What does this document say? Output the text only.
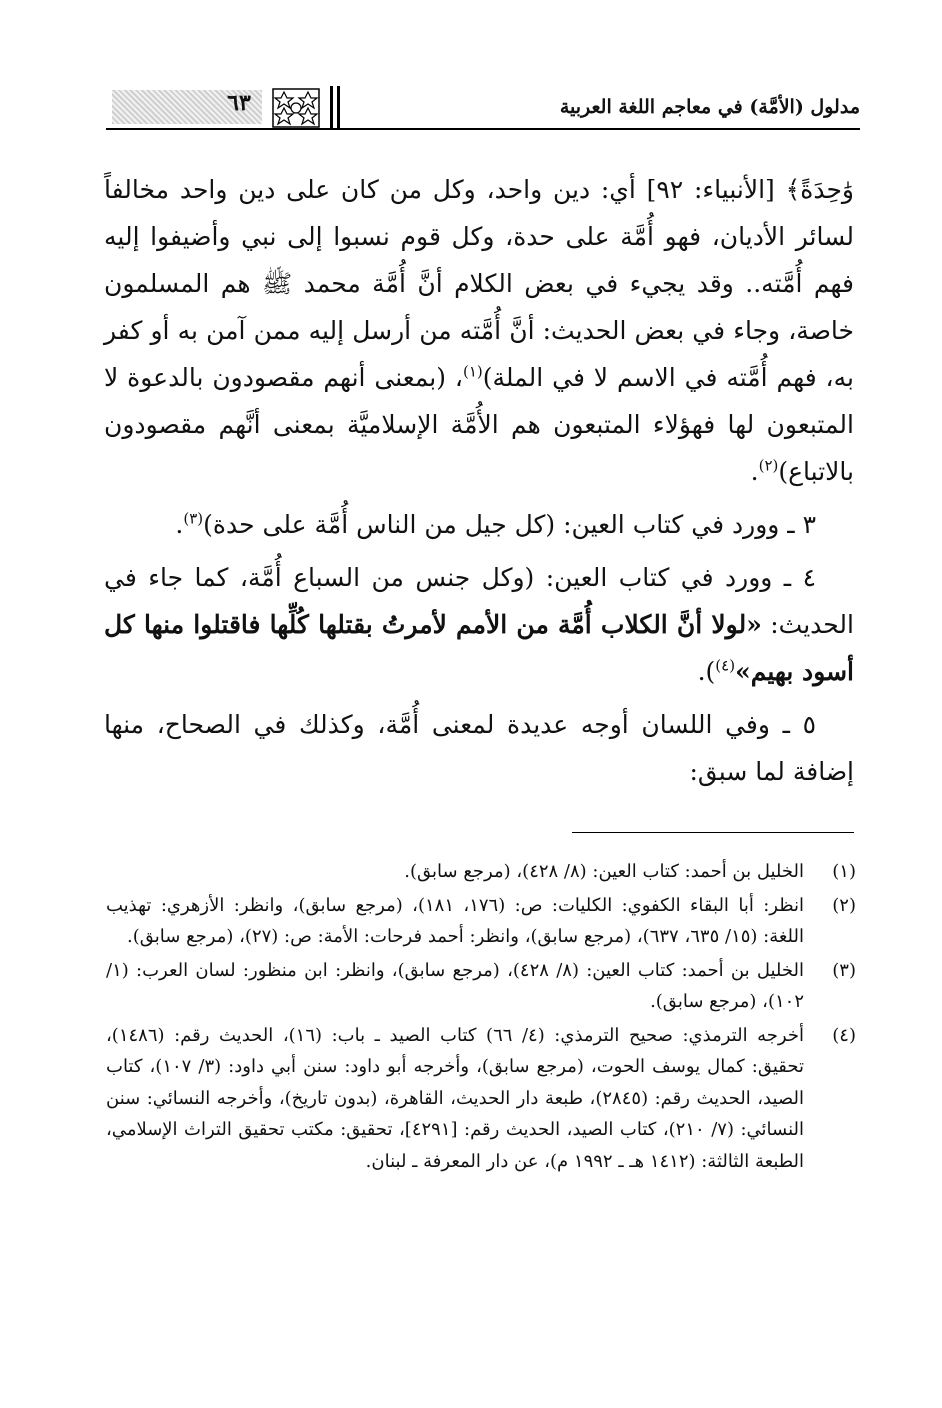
مدلول (الأمَّة) في معاجم اللغة العربية
٦٣

وَٰحِدَةً﴾ [الأنبياء: ٩٢] أي: دين واحد، وكل من كان على دين واحد مخالفاً لسائر الأديان، فهو أُمَّة على حدة، وكل قوم نسبوا إلى نبي وأضيفوا إليه فهم أُمَّته.. وقد يجيء في بعض الكلام أنَّ أُمَّة محمد ﷺ هم المسلمون خاصة، وجاء في بعض الحديث: أنَّ أُمَّته من أرسل إليه ممن آمن به أو كفر به، فهم أُمَّته في الاسم لا في الملة)$^{(١)}$، (بمعنى أنهم مقصودون بالدعوة لا المتبعون لها فهؤلاء المتبعون هم الأُمَّة الإسلاميَّة بمعنى أنَّهم مقصودون بالاتباع)$^{(٢)}$.

٣ ـ وورد في كتاب العين: (كل جيل من الناس أُمَّة على حدة)$^{(٣)}$.

٤ ـ وورد في كتاب العين: (وكل جنس من السباع أُمَّة، كما جاء في الحديث: «لولا أنَّ الكلاب أُمَّة من الأمم لأمرتُ بقتلها كُلِّها فاقتلوا منها كل أسود بهيم»$^{(٤)}$).

٥ ـ وفي اللسان أوجه عديدة لمعنى أُمَّة، وكذلك في الصحاح، منها إضافة لما سبق:

(١)
الخليل بن أحمد: كتاب العين: (٨/ ٤٢٨)، (مرجع سابق).
(٢)
انظر: أبا البقاء الكفوي: الكليات: ص: (١٧٦، ١٨١)، (مرجع سابق)، وانظر: الأزهري: تهذيب اللغة: (١٥/ ٦٣٥، ٦٣٧)، (مرجع سابق)، وانظر: أحمد فرحات: الأمة: ص: (٢٧)، (مرجع سابق).
(٣)
الخليل بن أحمد: كتاب العين: (٨/ ٤٢٨)، (مرجع سابق)، وانظر: ابن منظور: لسان العرب: (١/ ١٠٢)، (مرجع سابق).
(٤)
أخرجه الترمذي: صحيح الترمذي: (٤/ ٦٦) كتاب الصيد ـ باب: (١٦)، الحديث رقم: (١٤٨٦)، تحقيق: كمال يوسف الحوت، (مرجع سابق)، وأخرجه أبو داود: سنن أبي داود: (٣/ ١٠٧)، كتاب الصيد، الحديث رقم: (٢٨٤٥)، طبعة دار الحديث، القاهرة، (بدون تاريخ)، وأخرجه النسائي: سنن النسائي: (٧/ ٢١٠)، كتاب الصيد، الحديث رقم: [٤٢٩١]، تحقيق: مكتب تحقيق التراث الإسلامي، الطبعة الثالثة: (١٤١٢ هـ ـ ١٩٩٢ م)، عن دار المعرفة ـ لبنان.
